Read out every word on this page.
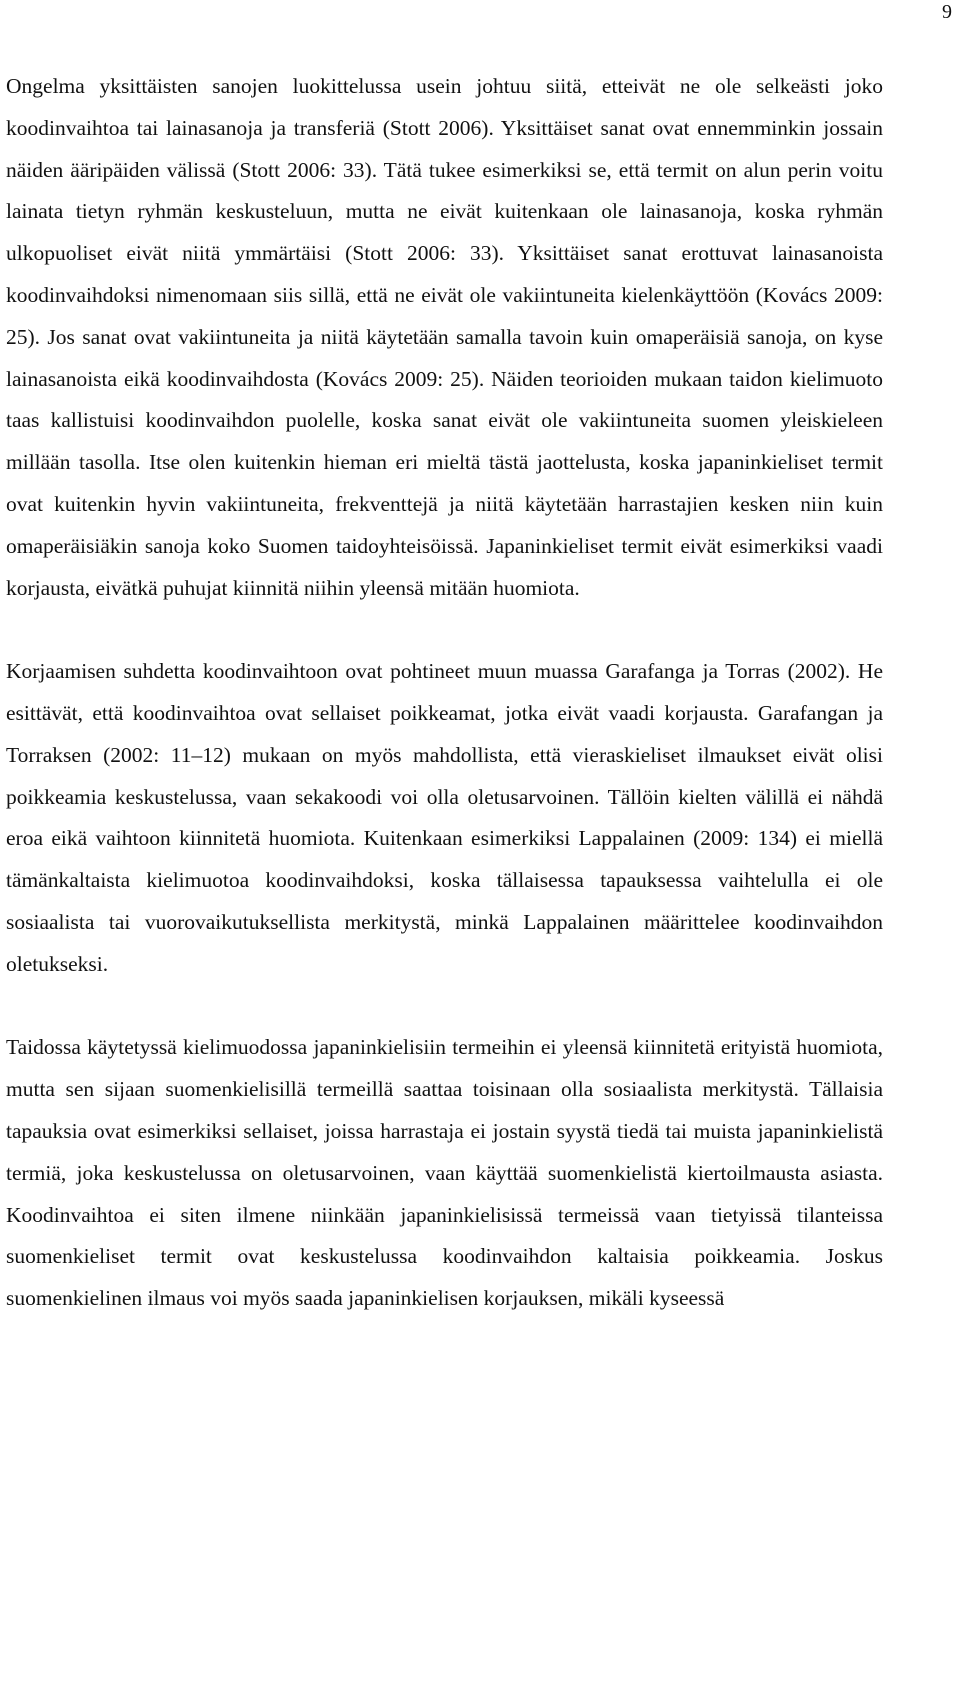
9

Ongelma yksittäisten sanojen luokittelussa usein johtuu siitä, etteivät ne ole selkeästi joko koodinvaihtoa tai lainasanoja ja transferiä (Stott 2006). Yksittäiset sanat ovat ennemminkin jossain näiden ääripäiden välissä (Stott 2006: 33). Tätä tukee esimerkiksi se, että termit on alun perin voitu lainata tietyn ryhmän keskusteluun, mutta ne eivät kuitenkaan ole lainasanoja, koska ryhmän ulkopuoliset eivät niitä ymmärtäisi (Stott 2006: 33). Yksittäiset sanat erottuvat lainasanoista koodinvaihdoksi nimenomaan siis sillä, että ne eivät ole vakiintuneita kielenkäyttöön (Kovács 2009: 25). Jos sanat ovat vakiintuneita ja niitä käytetään samalla tavoin kuin omaperäisiä sanoja, on kyse lainasanoista eikä koodinvaihdosta (Kovács 2009: 25). Näiden teorioiden mukaan taidon kielimuoto taas kallistuisi koodinvaihdon puolelle, koska sanat eivät ole vakiintuneita suomen yleiskieleen millään tasolla. Itse olen kuitenkin hieman eri mieltä tästä jaottelusta, koska japaninkieliset termit ovat kuitenkin hyvin vakiintuneita, frekventtejä ja niitä käytetään harrastajien kesken niin kuin omaperäisiäkin sanoja koko Suomen taidoyhteisöissä. Japaninkieliset termit eivät esimerkiksi vaadi korjausta, eivätkä puhujat kiinnitä niihin yleensä mitään huomiota.

Korjaamisen suhdetta koodinvaihtoon ovat pohtineet muun muassa Garafanga ja Torras (2002). He esittävät, että koodinvaihtoa ovat sellaiset poikkeamat, jotka eivät vaadi korjausta. Garafangan ja Torraksen (2002: 11–12) mukaan on myös mahdollista, että vieraskieliset ilmaukset eivät olisi poikkeamia keskustelussa, vaan sekakoodi voi olla oletusarvoinen. Tällöin kielten välillä ei nähdä eroa eikä vaihtoon kiinnitetä huomiota. Kuitenkaan esimerkiksi Lappalainen (2009: 134) ei miellä tämänkaltaista kielimuotoa koodinvaihdoksi, koska tällaisessa tapauksessa vaihtelulla ei ole sosiaalista tai vuorovaikutuksellista merkitystä, minkä Lappalainen määrittelee koodinvaihdon oletukseksi.

Taidossa käytetyssä kielimuodossa japaninkielisiin termeihin ei yleensä kiinnitetä erityistä huomiota, mutta sen sijaan suomenkielisillä termeillä saattaa toisinaan olla sosiaalista merkitystä. Tällaisia tapauksia ovat esimerkiksi sellaiset, joissa harrastaja ei jostain syystä tiedä tai muista japaninkielistä termiä, joka keskustelussa on oletusarvoinen, vaan käyttää suomenkielistä kiertoilmausta asiasta. Koodinvaihtoa ei siten ilmene niinkään japaninkielisissä termeissä vaan tietyissä tilanteissa suomenkieliset termit ovat keskustelussa koodinvaihdon kaltaisia poikkeamia. Joskus suomenkielinen ilmaus voi myös saada japaninkielisen korjauksen, mikäli kyseessä
